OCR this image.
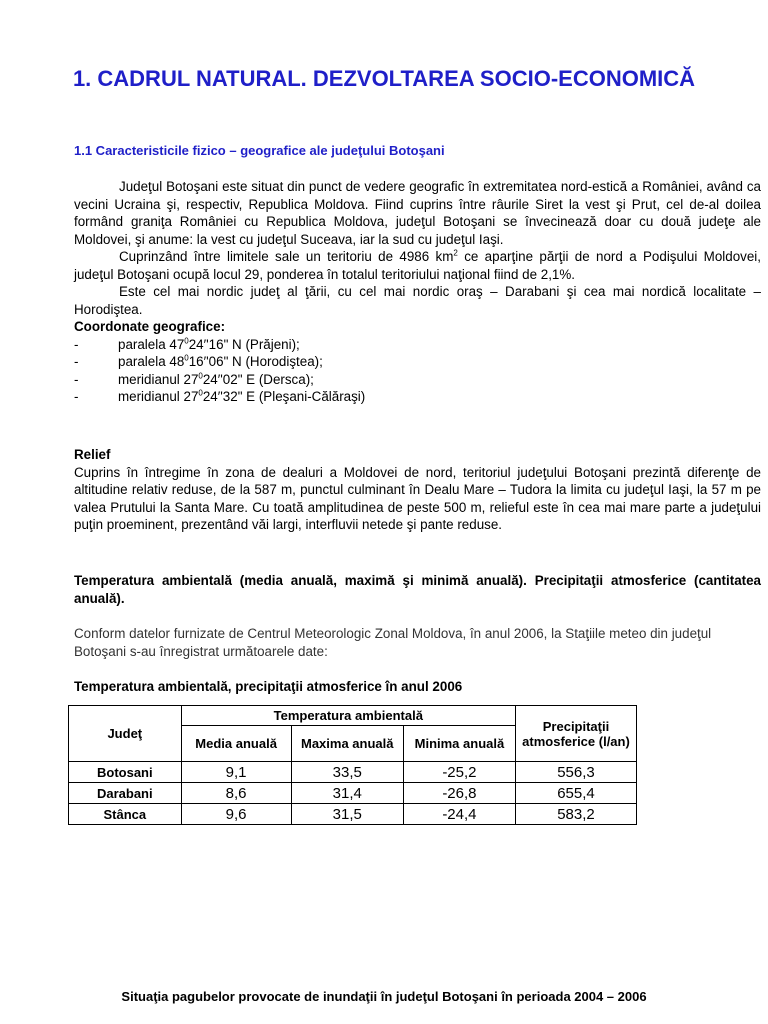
1. CADRUL NATURAL. DEZVOLTAREA SOCIO-ECONOMICĂ
1.1 Caracteristicile fizico – geografice ale judeţului Botoşani

Judeţul Botoşani este situat din punct de vedere geografic în extremitatea nord-estică a României, având ca vecini Ucraina şi, respectiv, Republica Moldova. Fiind cuprins între râurile Siret la vest şi Prut, cel de-al doilea formând graniţa României cu Republica Moldova, judeţul Botoşani se învecinează doar cu două judeţe ale Moldovei, şi anume: la vest cu judeţul Suceava, iar la sud cu judeţul Iaşi.

Cuprinzând între limitele sale un teritoriu de 4986 $km^2$ ce aparţine părţii de nord a Podişului Moldovei, judeţul Botoşani ocupă locul 29, ponderea în totalul teritoriului naţional fiind de 2,1%.

Este cel mai nordic judeţ al ţării, cu cel mai nordic oraş – Darabani şi cea mai nordică localitate – Horodiştea.

Coordonate geografice:

-	paralela $47^024''16$" N (Prăjeni);
-	paralela $48^016''06$" N (Horodiştea);
-	meridianul $27^024''02$" E (Dersca);
-	meridianul $27^024''32$" E (Pleşani-Călăraşi)

Relief

Cuprins în întregime în zona de dealuri a Moldovei de nord, teritoriul judeţului Botoşani prezintă diferenţe de altitudine relativ reduse, de la 587 m, punctul culminant în Dealu Mare – Tudora la limita cu judeţul Iaşi, la 57 m pe valea Prutului la Santa Mare. Cu toată amplitudinea de peste 500 m, relieful este în cea mai mare parte a judeţului puţin proeminent, prezentând văi largi, interfluvii netede şi pante reduse.

Temperatura ambientală (media anuală, maximă şi minimă anuală). Precipitaţii atmosferice (cantitatea anuală).

Conform datelor furnizate de Centrul Meteorologic Zonal Moldova, în anul 2006, la Staţiile meteo din judeţul Botoşani s-au înregistrat următoarele date:

Temperatura ambientală, precipitaţii atmosferice în anul 2006
Judeţ	Temperatura ambientală			Precipitaţii atmosferice (l/an)
	Media anuală	Maxima anuală	Minima anuală	
Botosani	9,1	33,5	-25,2	556,3
Darabani	8,6	31,4	-26,8	655,4
Stânca	9,6	31,5	-24,4	583,2
Situaţia pagubelor provocate de inundaţii în judeţul Botoşani în perioada 2004 – 2006
